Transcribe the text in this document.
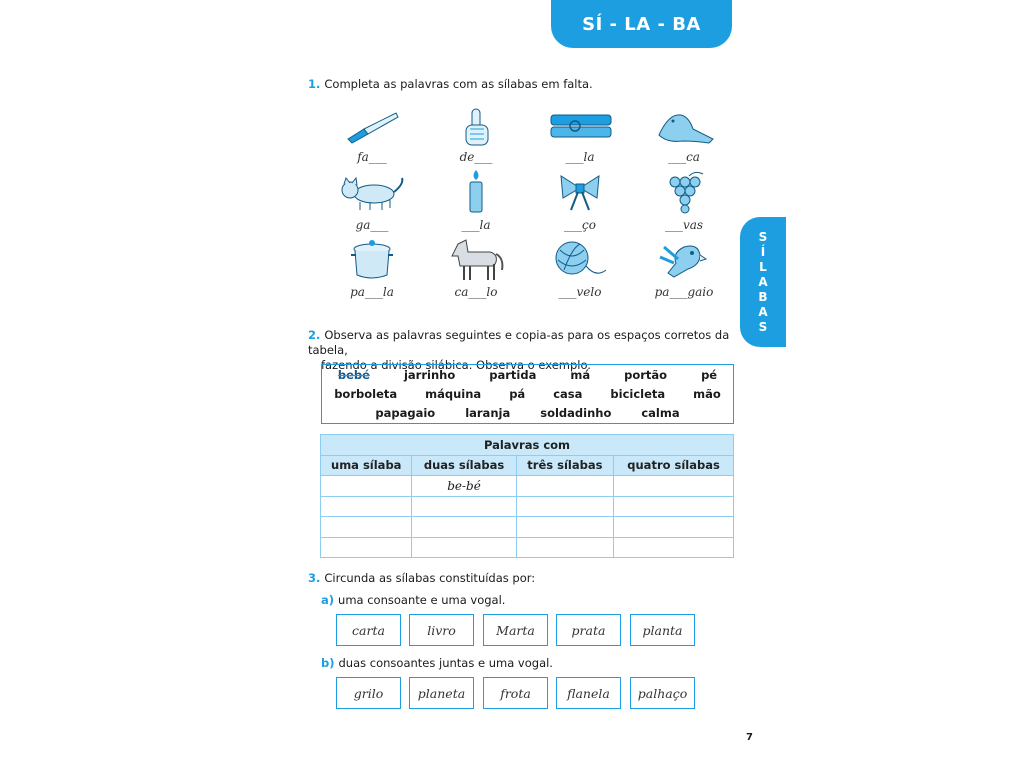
SÍ - LA - BA
S
Í
L
A
B
A
S
1. Completa as palavras com as sílabas em falta.
fa___	de___	___la	___ca
ga___	___la	___ço	___vas
pa___la	ca___lo	___velo	pa___gaio
2. Observa as palavras seguintes e copia-as para os espaços corretos da tabela,
fazendo a divisão silábica. Observa o exemplo.
bebé	jarrinho	partida	má	portão	pé
borboleta máquina pá casa bicicleta mão
papagaio	laranja	soldadinho	calma
Palavras com			
uma sílaba	duas sílabas	três sílabas	quatro sílabas
	be-bé		

3. Circunda as sílabas constituídas por:
a) uma consoante e uma vogal.
carta	livro	Marta	prata	planta
b) duas consoantes juntas e uma vogal.
grilo	planeta	frota	flanela	palhaço
7
